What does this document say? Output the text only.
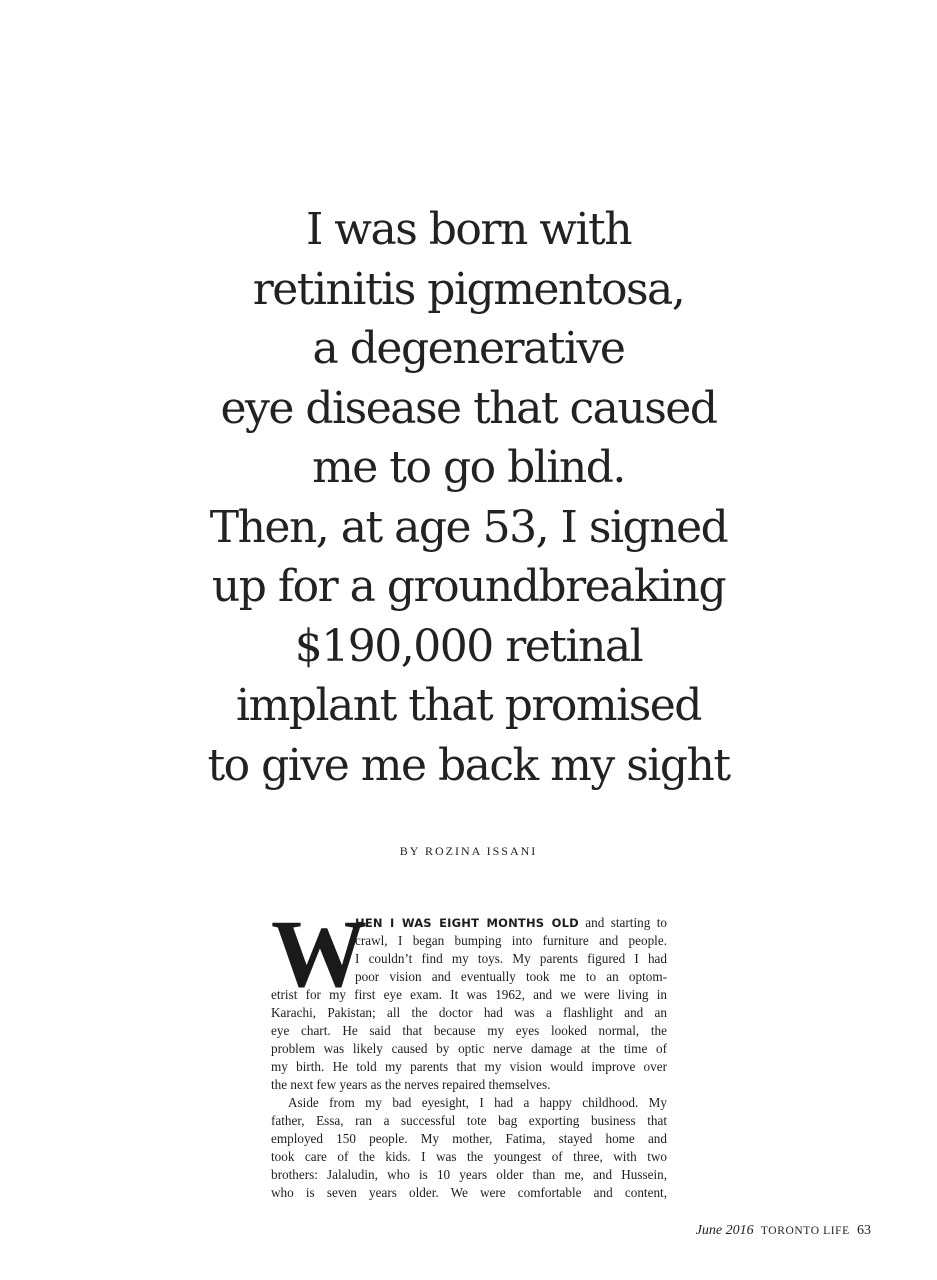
I was born with
retinitis pigmentosa,
a degenerative
eye disease that caused
me to go blind.
Then, at age 53, I signed
up for a groundbreaking
$190,000 retinal
implant that promised
to give me back my sight
BY ROZINA ISSANI
W
HEN I WAS EIGHT MONTHS OLD and starting to
crawl, I began bumping into furniture and people.
I couldn’t find my toys. My parents figured I had
poor vision and eventually took me to an optom-
etrist for my first eye exam. It was 1962, and we were living in
Karachi, Pakistan; all the doctor had was a flashlight and an
eye chart. He said that because my eyes looked normal, the
problem was likely caused by optic nerve damage at the time of
my birth. He told my parents that my vision would improve over
the next few years as the nerves repaired themselves.
Aside from my bad eyesight, I had a happy childhood. My
father, Essa, ran a successful tote bag exporting business that
employed 150 people. My mother, Fatima, stayed home and
took care of the kids. I was the youngest of three, with two
brothers: Jalaludin, who is 10 years older than me, and Hussein,
who is seven years older. We were comfortable and content,
June 2016 TORONTO LIFE 63
